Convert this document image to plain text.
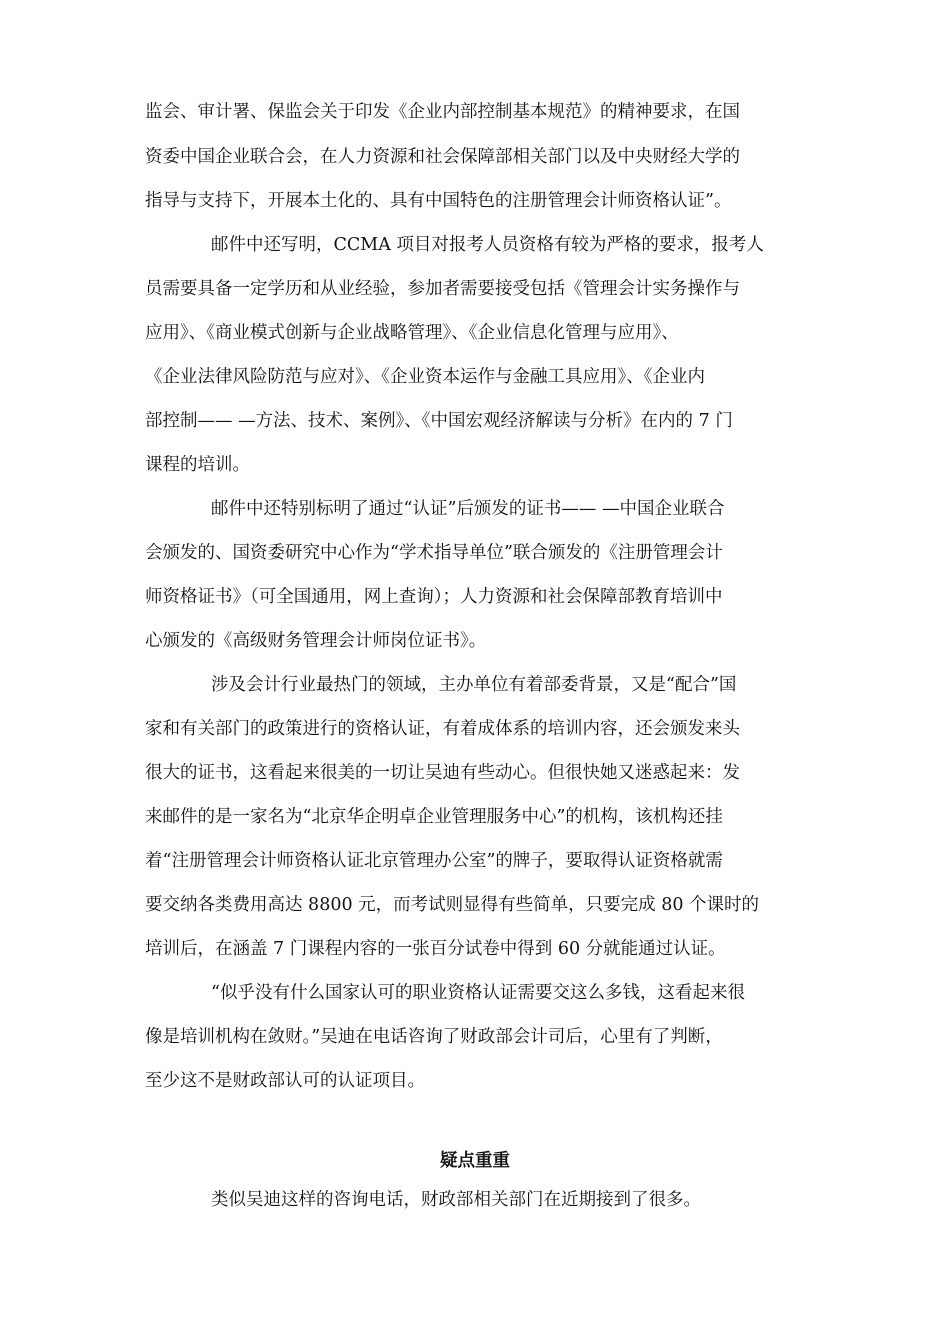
监会、审计署、保监会关于印发《企业内部控制基本规范》的精神要求，在国
资委中国企业联合会，在人力资源和社会保障部相关部门以及中央财经大学的
指导与支持下，开展本土化的、具有中国特色的注册管理会计师资格认证”。
邮件中还写明，CCMA 项目对报考人员资格有较为严格的要求，报考人
员需要具备一定学历和从业经验，参加者需要接受包括《管理会计实务操作与
应用》、《商业模式创新与企业战略管理》、《企业信息化管理与应用》、
《企业法律风险防范与应对》、《企业资本运作与金融工具应用》、《企业内
部控制—— —方法、技术、案例》、《中国宏观经济解读与分析》在内的 7 门
课程的培训。
邮件中还特别标明了通过“认证”后颁发的证书—— —中国企业联合
会颁发的、国资委研究中心作为“学术指导单位”联合颁发的《注册管理会计
师资格证书》（可全国通用，网上查询）；人力资源和社会保障部教育培训中
心颁发的《高级财务管理会计师岗位证书》。
涉及会计行业最热门的领域，主办单位有着部委背景，又是“配合”国
家和有关部门的政策进行的资格认证，有着成体系的培训内容，还会颁发来头
很大的证书，这看起来很美的一切让吴迪有些动心。但很快她又迷惑起来：发
来邮件的是一家名为“北京华企明卓企业管理服务中心”的机构，该机构还挂
着“注册管理会计师资格认证北京管理办公室”的牌子，要取得认证资格就需
要交纳各类费用高达 8800 元，而考试则显得有些简单，只要完成 80 个课时的
培训后，在涵盖 7 门课程内容的一张百分试卷中得到 60 分就能通过认证。
“似乎没有什么国家认可的职业资格认证需要交这么多钱，这看起来很
像是培训机构在敛财。”吴迪在电话咨询了财政部会计司后，心里有了判断，
至少这不是财政部认可的认证项目。
疑点重重
类似吴迪这样的咨询电话，财政部相关部门在近期接到了很多。
